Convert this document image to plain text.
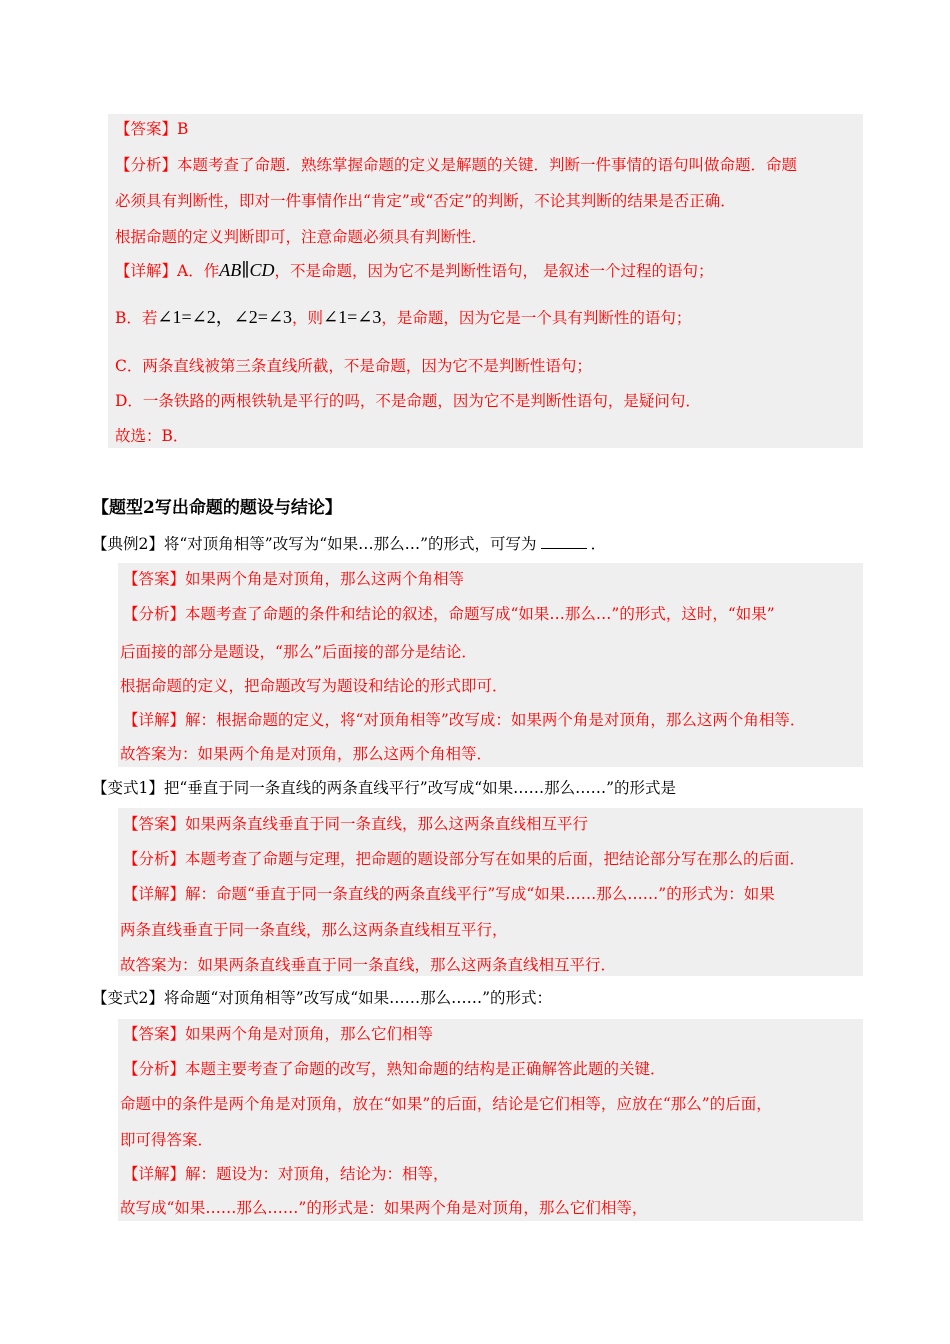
【答案】B
【分析】本题考查了命题．熟练掌握命题的定义是解题的关键．判断一件事情的语句叫做命题．命题
必须具有判断性，即对一件事情作出“肯定”或“否定”的判断，不论其判断的结果是否正确．
根据命题的定义判断即可，注意命题必须具有判断性．
【详解】A．作AB∥CD，不是命题，因为它不是判断性语句， 是叙述一个过程的语句；
B．若∠1=∠2，∠2=∠3，则∠1=∠3，是命题，因为它是一个具有判断性的语句；
C．两条直线被第三条直线所截，不是命题，因为它不是判断性语句；
D．一条铁路的两根铁轨是平行的吗，不是命题，因为它不是判断性语句，是疑问句．
故选：B．
【题型2写出命题的题设与结论】
【典例2】将“对顶角相等”改写为“如果…那么…”的形式，可写为	．
【答案】如果两个角是对顶角，那么这两个角相等
【分析】本题考查了命题的条件和结论的叙述，命题写成“如果…那么…”的形式，这时，“如果”
后面接的部分是题设，“那么”后面接的部分是结论．
根据命题的定义，把命题改写为题设和结论的形式即可．
【详解】解：根据命题的定义，将“对顶角相等”改写成：如果两个角是对顶角，那么这两个角相等．
故答案为：如果两个角是对顶角，那么这两个角相等．
【变式1】把“垂直于同一条直线的两条直线平行”改写成“如果……那么……”的形式是
【答案】如果两条直线垂直于同一条直线，那么这两条直线相互平行
【分析】本题考查了命题与定理，把命题的题设部分写在如果的后面，把结论部分写在那么的后面．
【详解】解：命题“垂直于同一条直线的两条直线平行”写成“如果……那么……”的形式为：如果
两条直线垂直于同一条直线，那么这两条直线相互平行，
故答案为：如果两条直线垂直于同一条直线，那么这两条直线相互平行．
【变式2】将命题“对顶角相等”改写成“如果……那么……”的形式：
【答案】如果两个角是对顶角，那么它们相等
【分析】本题主要考查了命题的改写，熟知命题的结构是正确解答此题的关键．
命题中的条件是两个角是对顶角，放在“如果”的后面，结论是它们相等，应放在“那么”的后面，
即可得答案．
【详解】解：题设为：对顶角，结论为：相等，
故写成“如果……那么……”的形式是：如果两个角是对顶角，那么它们相等，
